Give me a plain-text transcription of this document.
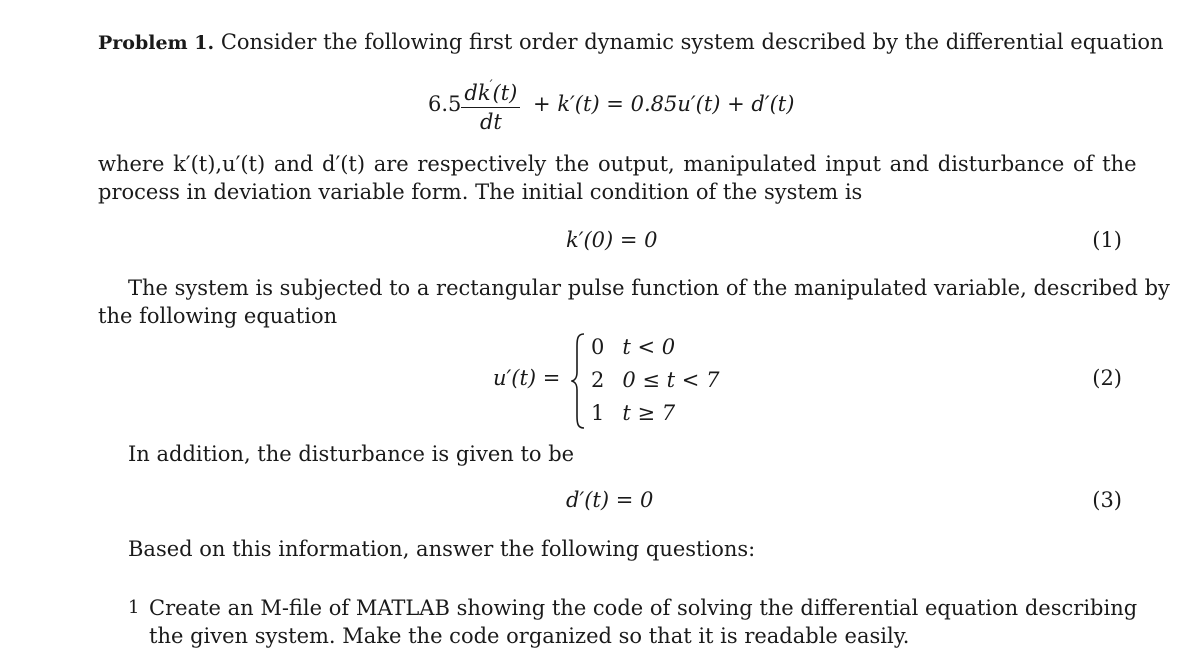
Problem 1. Consider the following first order dynamic system described by the differential equation
$6.5 \frac{dk'(t)}{dt} + k'(t) = 0.85u'(t) + d'(t)$
where k′(t),u′(t) and d′(t) are respectively the output, manipulated input and disturbance of the
process in deviation variable form. The initial condition of the system is
k′(0) = 0	(1)
The system is subjected to a rectangular pulse function of the manipulated variable, described by
the following equation
u′(t) =
0	t < 0
2	0 ≤ t < 7
1	t ≥ 7
(2)
In addition, the disturbance is given to be
d′(t) = 0	(3)
Based on this information, answer the following questions:
1 Create an M-file of MATLAB showing the code of solving the differential equation describing
the given system. Make the code organized so that it is readable easily.
